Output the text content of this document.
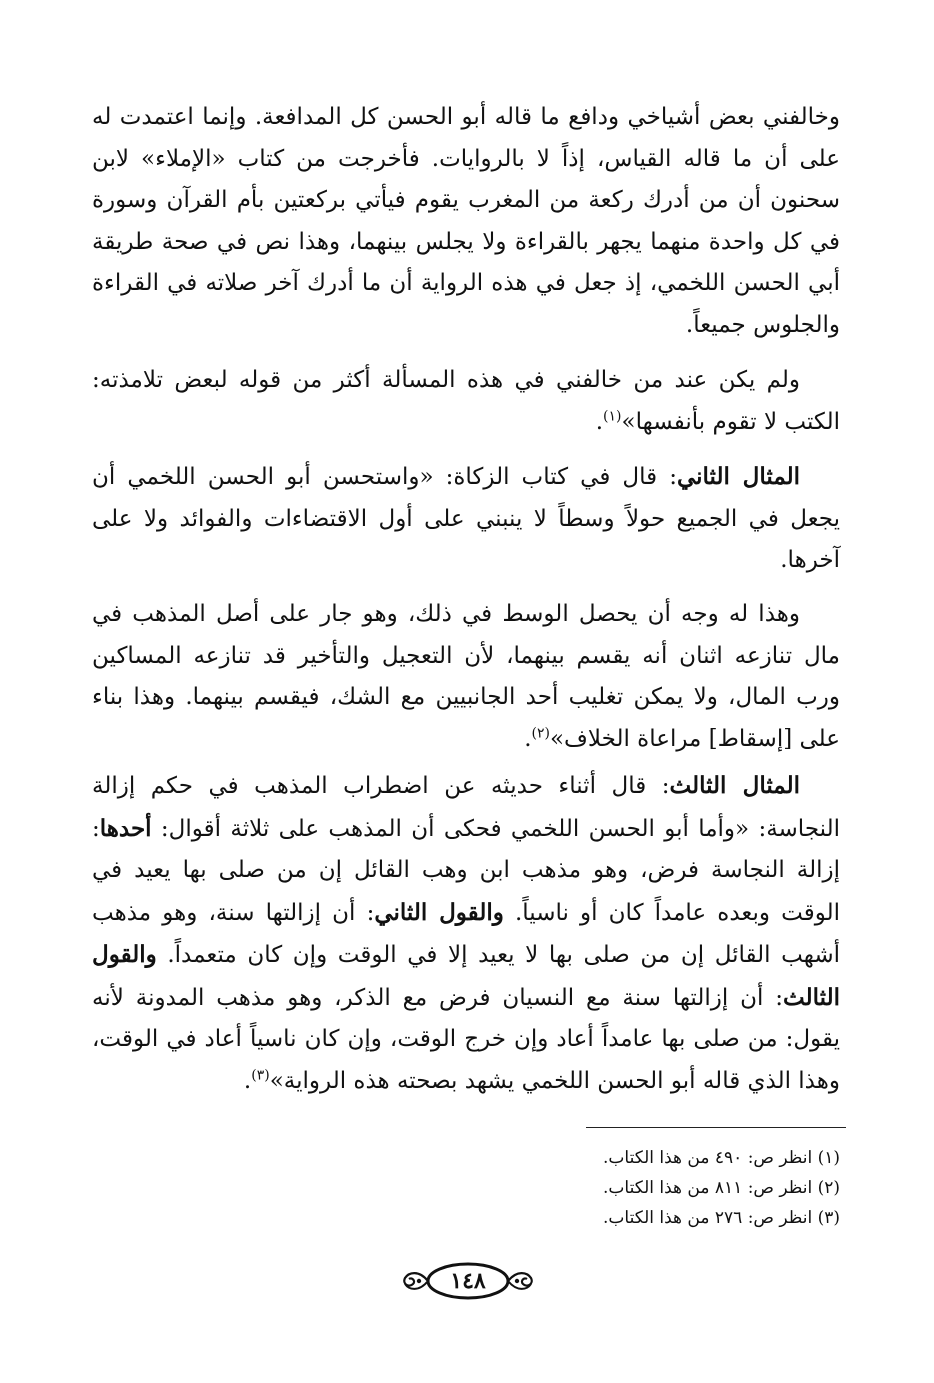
وخالفني بعض أشياخي ودافع ما قاله أبو الحسن كل المدافعة. وإنما اعتمدت له على أن ما قاله القياس، إذاً لا بالروايات. فأخرجت من كتاب «الإملاء» لابن سحنون أن من أدرك ركعة من المغرب يقوم فيأتي بركعتين بأم القرآن وسورة في كل واحدة منهما يجهر بالقراءة ولا يجلس بينهما، وهذا نص في صحة طريقة أبي الحسن اللخمي، إذ جعل في هذه الرواية أن ما أدرك آخر صلاته في القراءة والجلوس جميعاً.
ولم يكن عند من خالفني في هذه المسألة أكثر من قوله لبعض تلامذته: الكتب لا تقوم بأنفسها»$^{(١)}$.
المثال الثاني: قال في كتاب الزكاة: «واستحسن أبو الحسن اللخمي أن يجعل في الجميع حولاً وسطاً لا ينبني على أول الاقتضاءات والفوائد ولا على آخرها.
وهذا له وجه أن يحصل الوسط في ذلك، وهو جار على أصل المذهب في مال تنازعه اثنان أنه يقسم بينهما، لأن التعجيل والتأخير قد تنازعه المساكين ورب المال، ولا يمكن تغليب أحد الجانبيين مع الشك، فيقسم بينهما. وهذا بناء على [إسقاط] مراعاة الخلاف»$^{(٢)}$.
المثال الثالث: قال أثناء حديثه عن اضطراب المذهب في حكم إزالة النجاسة: «وأما أبو الحسن اللخمي فحكى أن المذهب على ثلاثة أقوال: أحدها: إزالة النجاسة فرض، وهو مذهب ابن وهب القائل إن من صلى بها يعيد في الوقت وبعده عامداً كان أو ناسياً. والقول الثاني: أن إزالتها سنة، وهو مذهب أشهب القائل إن من صلى بها لا يعيد إلا في الوقت وإن كان متعمداً. والقول الثالث: أن إزالتها سنة مع النسيان فرض مع الذكر، وهو مذهب المدونة لأنه يقول: من صلى بها عامداً أعاد وإن خرج الوقت، وإن كان ناسياً أعاد في الوقت، وهذا الذي قاله أبو الحسن اللخمي يشهد بصحته هذه الرواية»$^{(٣)}$.
(١) انظر ص: ٤٩٠ من هذا الكتاب.
(٢) انظر ص: ٨١١ من هذا الكتاب.
(٣) انظر ص: ٢٧٦ من هذا الكتاب.
١٤٨
